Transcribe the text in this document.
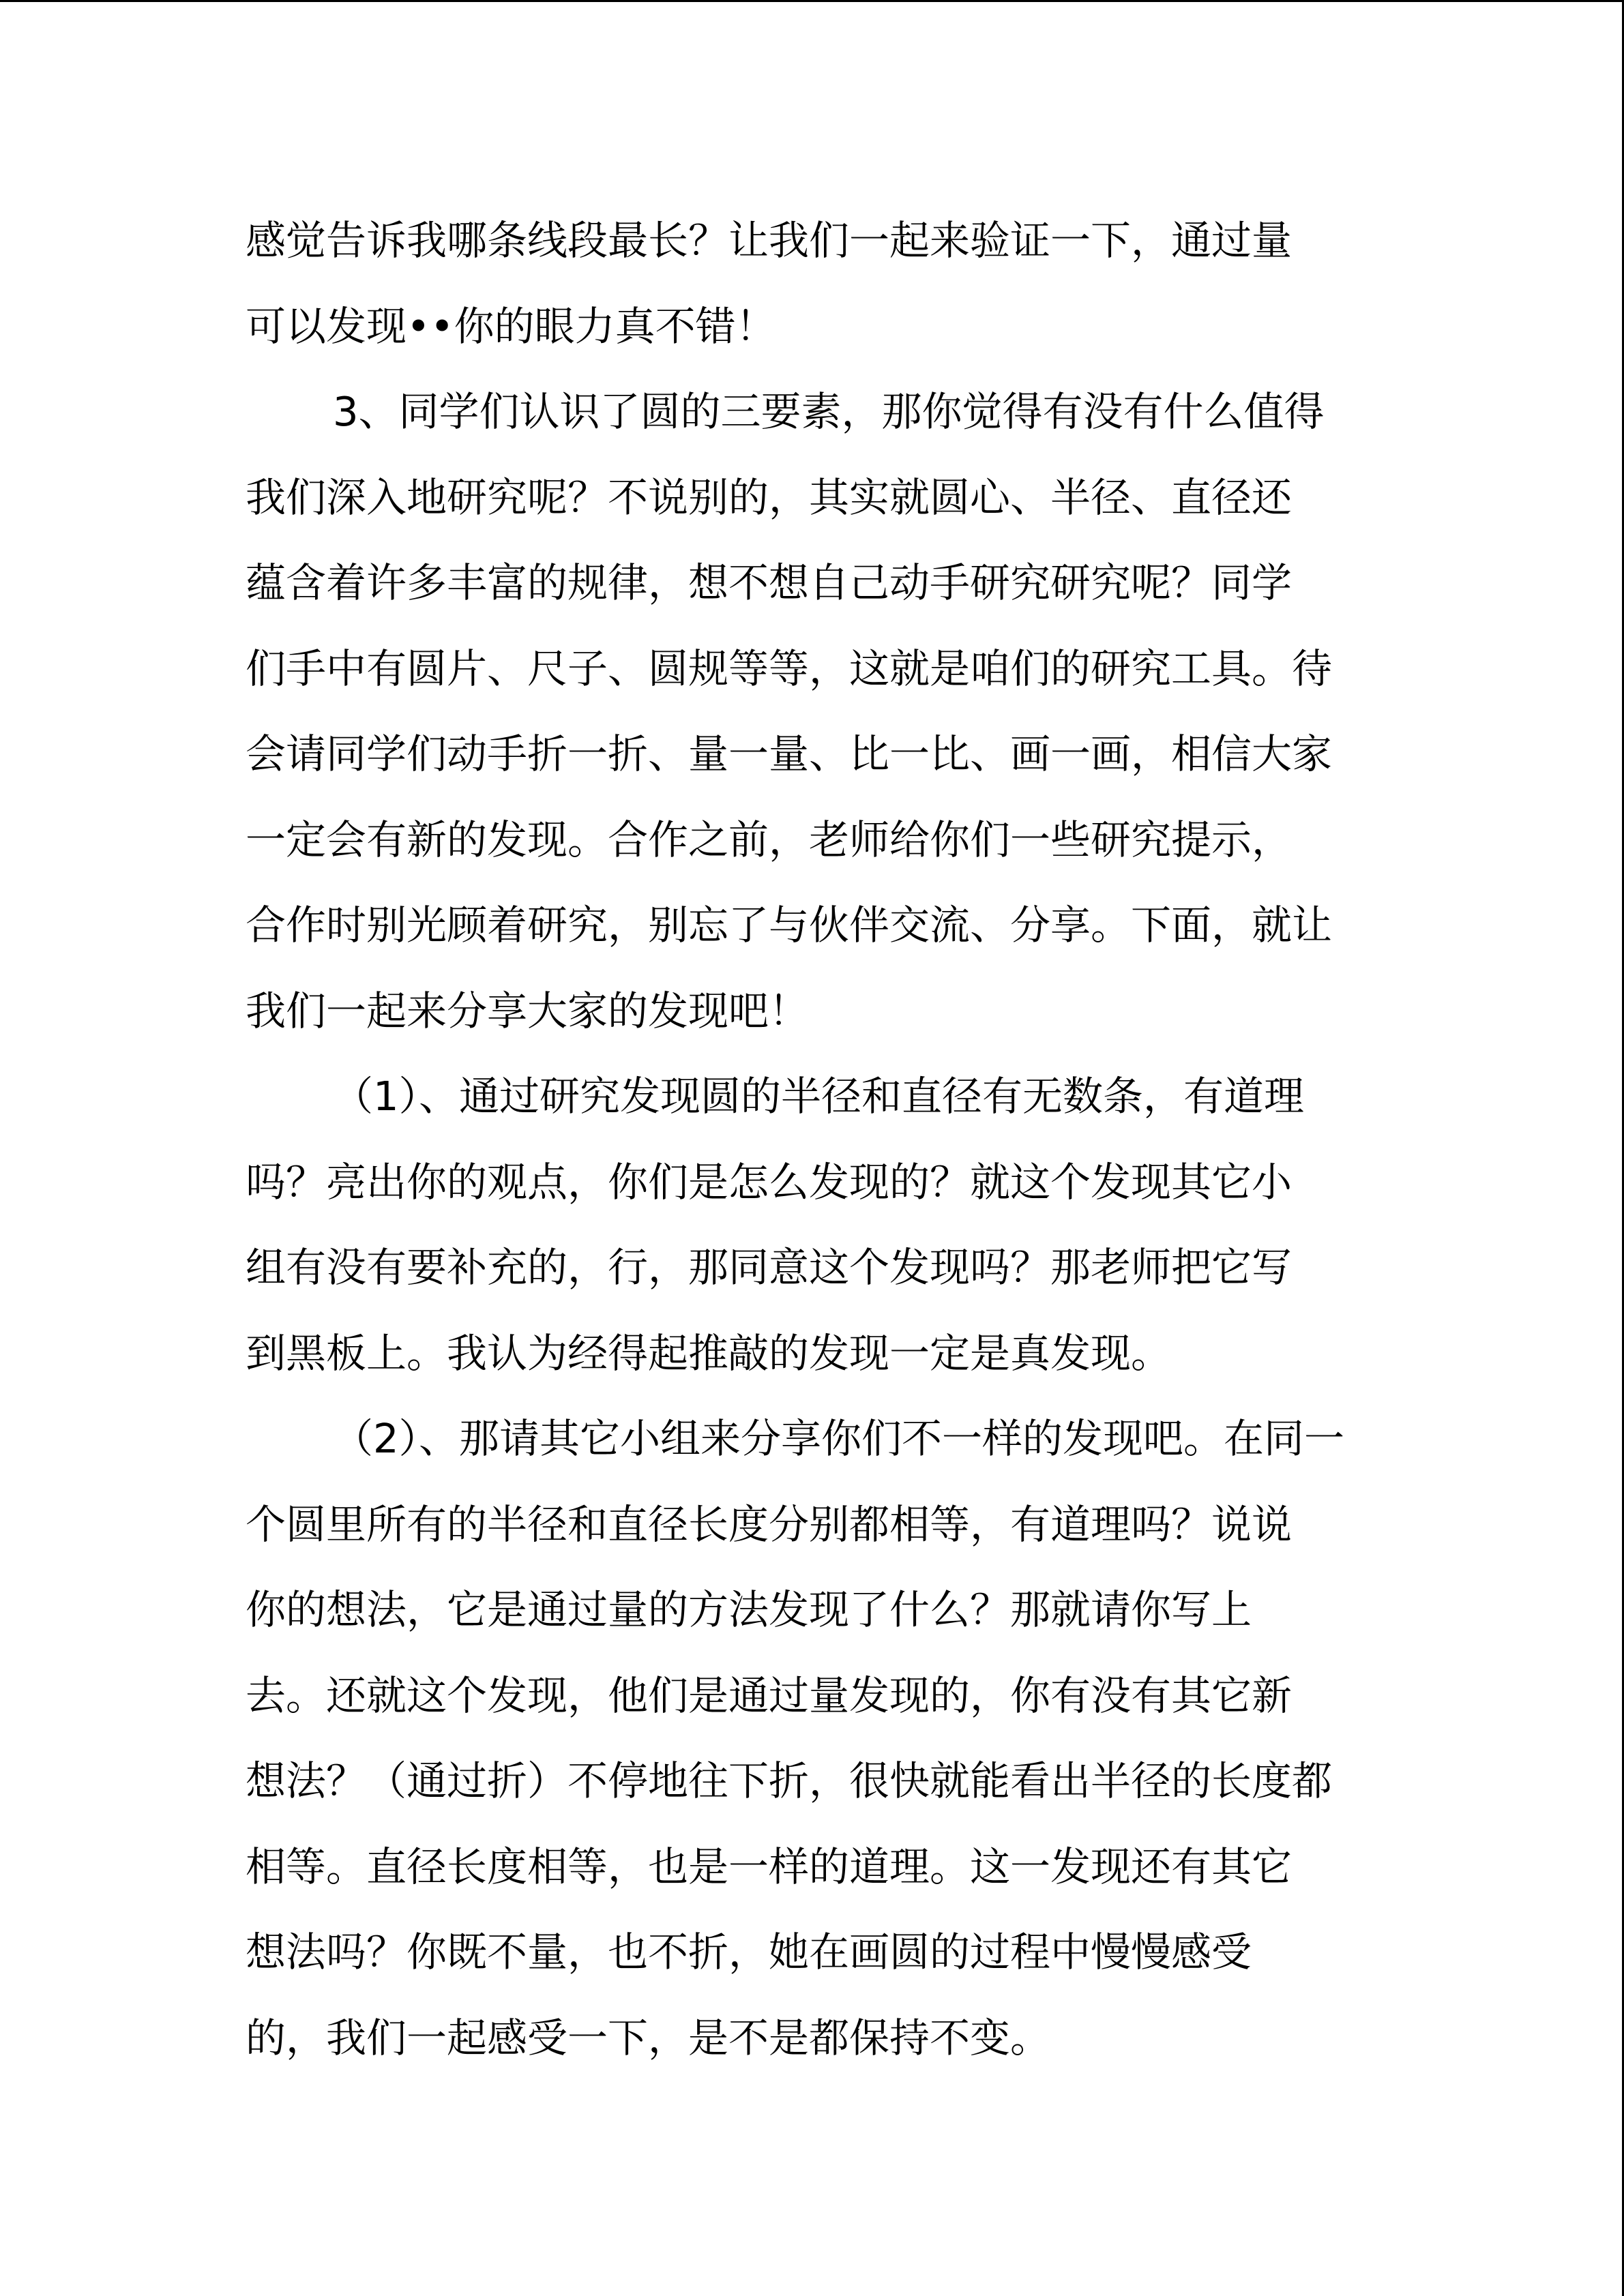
感觉告诉我哪条线段最长？让我们一起来验证一下，通过量
可以发现••你的眼力真不错！
3、同学们认识了圆的三要素，那你觉得有没有什么值得
我们深入地研究呢？不说别的，其实就圆心、半径、直径还
蕴含着许多丰富的规律，想不想自己动手研究研究呢？同学
们手中有圆片、尺子、圆规等等，这就是咱们的研究工具。待
会请同学们动手折一折、量一量、比一比、画一画，相信大家
一定会有新的发现。合作之前，老师给你们一些研究提示，
合作时别光顾着研究，别忘了与伙伴交流、分享。下面，就让
我们一起来分享大家的发现吧！
（1）、通过研究发现圆的半径和直径有无数条，有道理
吗？亮出你的观点，你们是怎么发现的？就这个发现其它小
组有没有要补充的，行，那同意这个发现吗？那老师把它写
到黑板上。我认为经得起推敲的发现一定是真发现。
（2）、那请其它小组来分享你们不一样的发现吧。在同一
个圆里所有的半径和直径长度分别都相等，有道理吗？说说
你的想法，它是通过量的方法发现了什么？那就请你写上
去。还就这个发现，他们是通过量发现的，你有没有其它新
想法？（通过折）不停地往下折，很快就能看出半径的长度都
相等。直径长度相等，也是一样的道理。这一发现还有其它
想法吗？你既不量，也不折，她在画圆的过程中慢慢感受
的，我们一起感受一下，是不是都保持不变。
